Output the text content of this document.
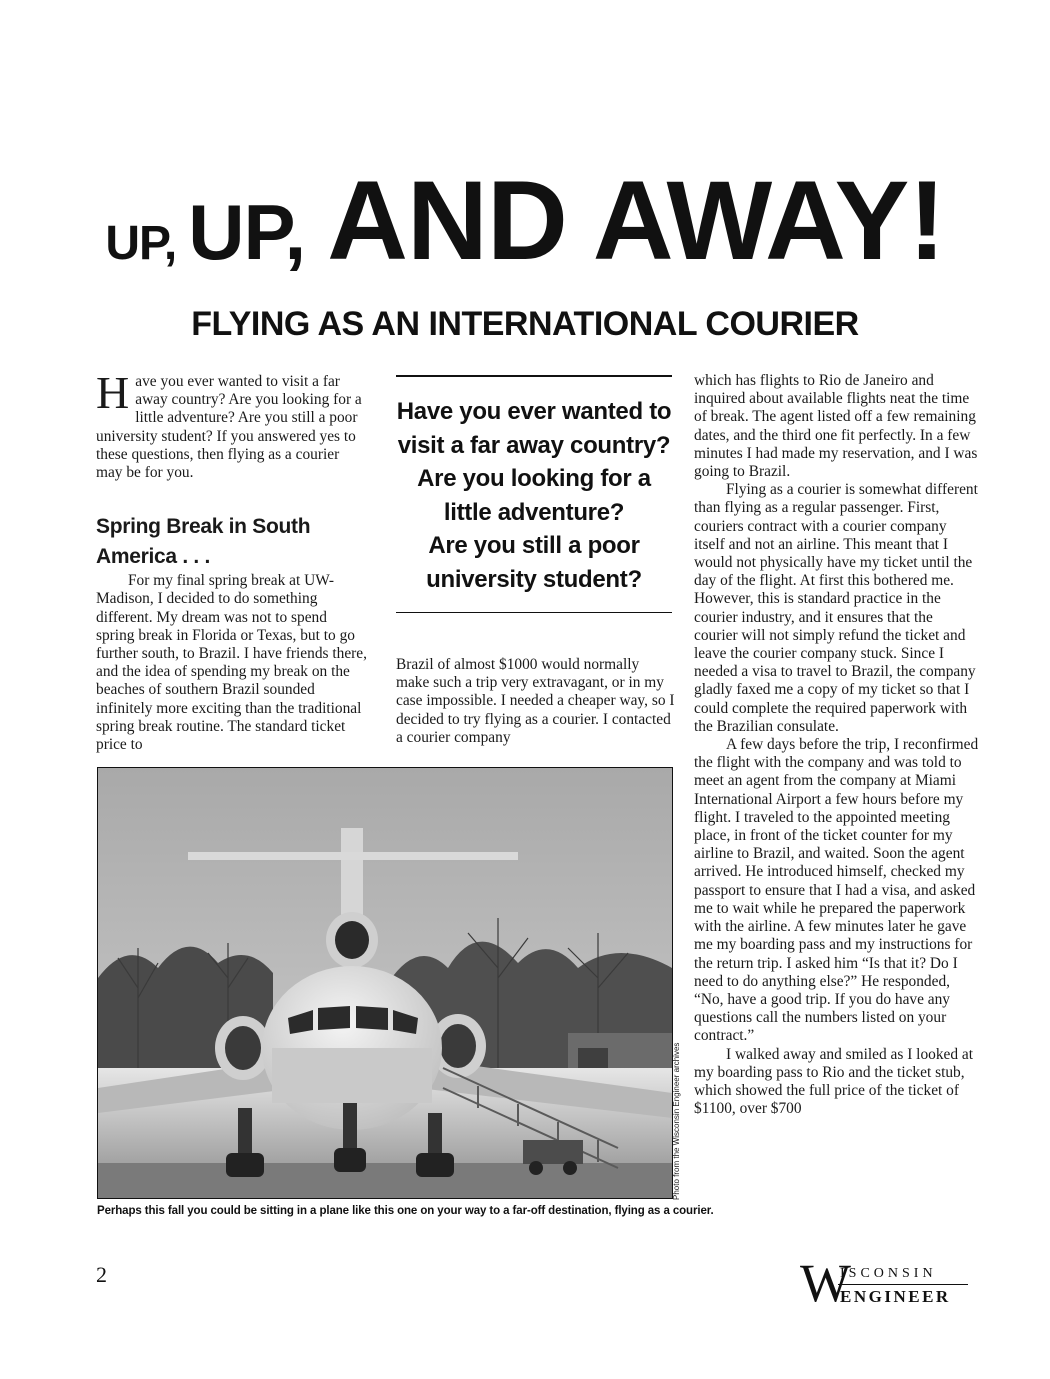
UP, UP, AND AWAY!
FLYING AS AN INTERNATIONAL COURIER

Have you ever wanted to visit a far away country? Are you looking for a little adventure? Are you still a poor university student? If you answered yes to these questions, then flying as a courier may be for you.

Spring Break in South America . . .

For my final spring break at UW-Madison, I decided to do something different. My dream was not to spend spring break in Florida or Texas, but to go further south, to Brazil. I have friends there, and the idea of spending my break on the beaches of southern Brazil sounded infinitely more exciting than the traditional spring break routine. The standard ticket price to

Have you ever wanted to visit a far away country?
Are you looking for a little adventure?
Are you still a poor university student?

Brazil of almost $1000 would normally make such a trip very extravagant, or in my case impossible. I needed a cheaper way, so I decided to try flying as a courier. I contacted a courier company

which has flights to Rio de Janeiro and inquired about available flights neat the time of break. The agent listed off a few remaining dates, and the third one fit perfectly. In a few minutes I had made my reservation, and I was going to Brazil.

Flying as a courier is somewhat different than flying as a regular passenger. First, couriers contract with a courier company itself and not an airline. This meant that I would not physically have my ticket until the day of the flight. At first this bothered me. However, this is standard practice in the courier industry, and it ensures that the courier will not simply refund the ticket and leave the courier company stuck. Since I needed a visa to travel to Brazil, the company gladly faxed me a copy of my ticket so that I could complete the required paperwork with the Brazilian consulate.

A few days before the trip, I reconfirmed the flight with the company and was told to meet an agent from the company at Miami International Airport a few hours before my flight. I traveled to the appointed meeting place, in front of the ticket counter for my airline to Brazil, and waited. Soon the agent arrived. He introduced himself, checked my passport to ensure that I had a visa, and asked me to wait while he prepared the paperwork with the airline. A few minutes later he gave me my boarding pass and my instructions for the return trip. I asked him “Is that it? Do I need to do anything else?” He responded, “No, have a good trip. If you do have any questions call the numbers listed on your contract.”

I walked away and smiled as I looked at my boarding pass to Rio and the ticket stub, which showed the full price of the ticket of $1100, over $700

Photo from the Wisconsin Engineer archives
Perhaps this fall you could be sitting in a plane like this one on your way to a far-off destination, flying as a courier.
2	W
ISCONSIN
ENGINEER
